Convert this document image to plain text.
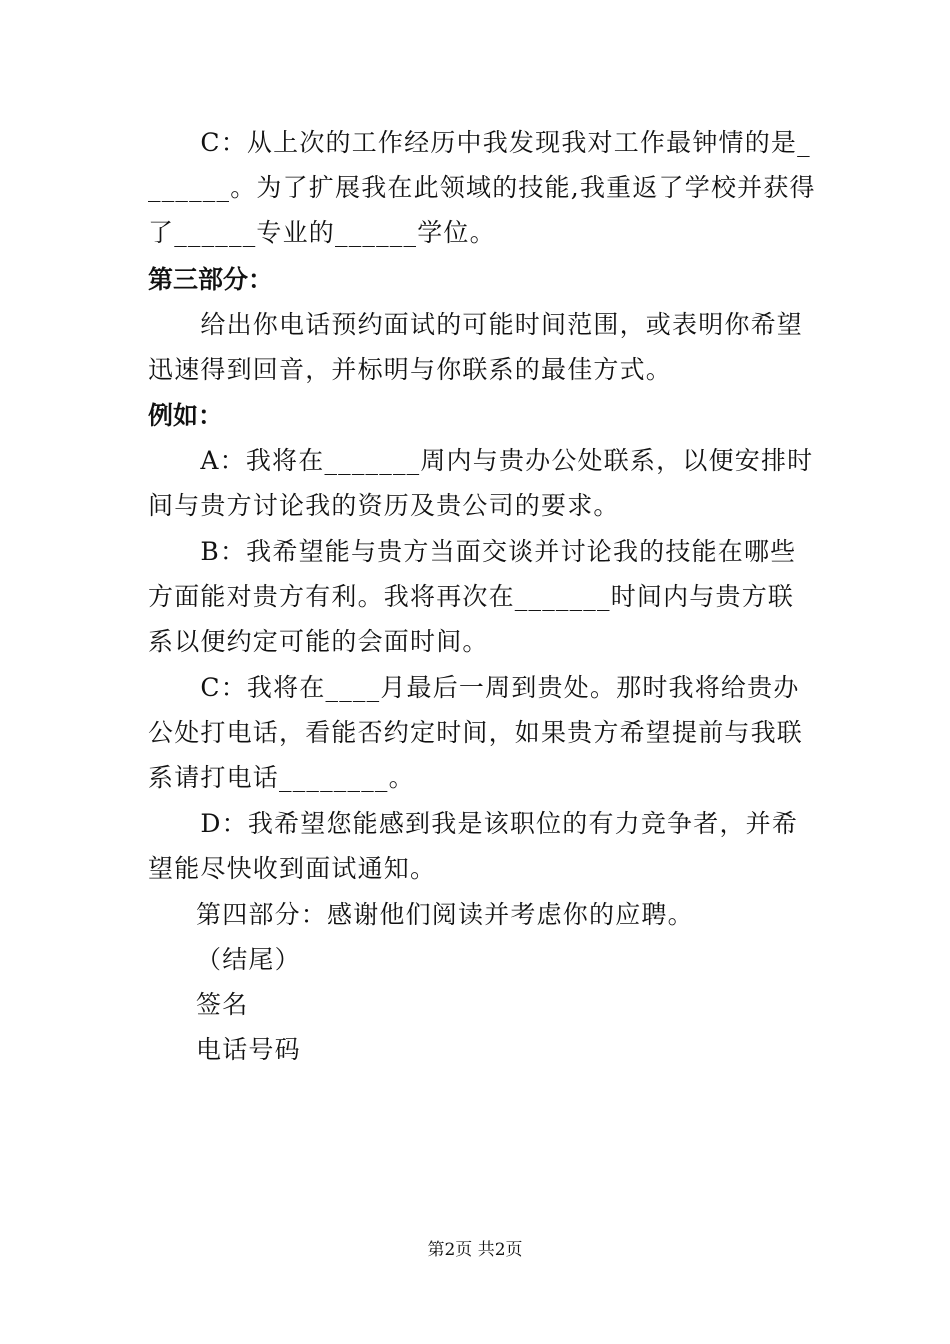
　　C：从上次的工作经历中我发现我对工作最钟情的是_______。为了扩展我在此领域的技能,我重返了学校并获得了______专业的______学位。
第三部分：
　　给出你电话预约面试的可能时间范围，或表明你希望迅速得到回音，并标明与你联系的最佳方式。
例如：
　　A：我将在_______周内与贵办公处联系，以便安排时间与贵方讨论我的资历及贵公司的要求。
　　B：我希望能与贵方当面交谈并讨论我的技能在哪些方面能对贵方有利。我将再次在_______时间内与贵方联系以便约定可能的会面时间。
　　C：我将在____月最后一周到贵处。那时我将给贵办公处打电话，看能否约定时间，如果贵方希望提前与我联系请打电话________。
　　D：我希望您能感到我是该职位的有力竞争者，并希望能尽快收到面试通知。
第四部分：感谢他们阅读并考虑你的应聘。
（结尾）
签名
电话号码
第2页 共2页
